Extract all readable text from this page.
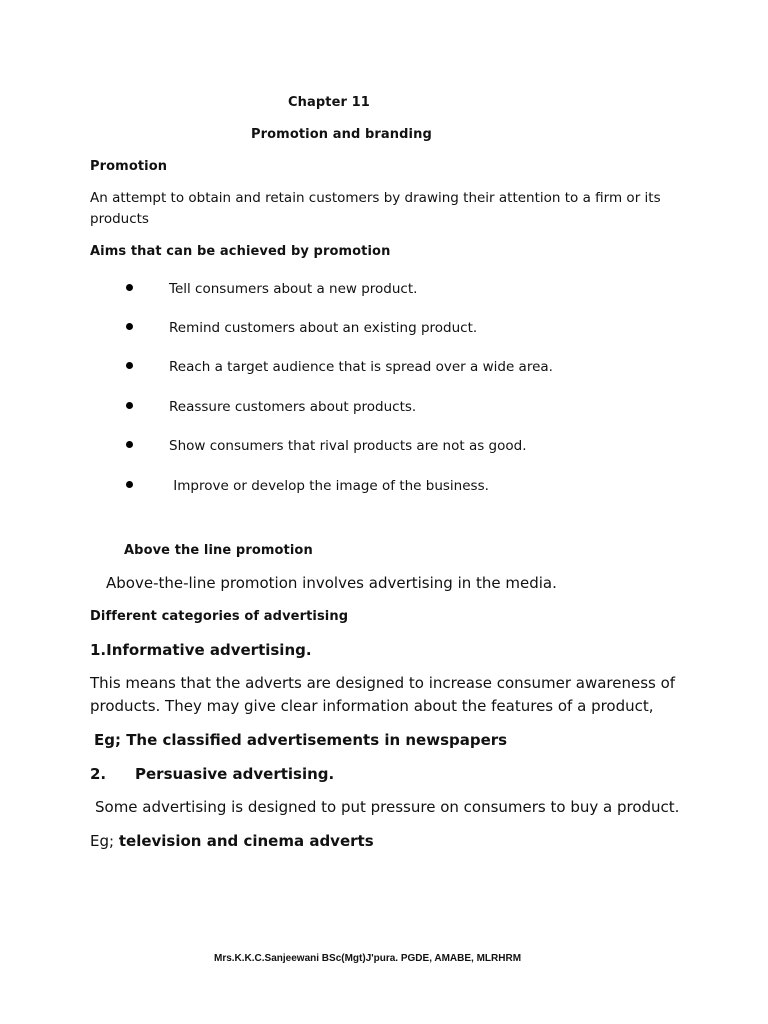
Chapter 11
Promotion and branding
Promotion
An attempt to obtain and retain customers by drawing their attention to a firm or its
products
Aims that can be achieved by promotion
Tell consumers about a new product.
Remind customers about an existing product.
Reach a target audience that is spread over a wide area.
Reassure customers about products.
Show consumers that rival products are not as good.
Improve or develop the image of the business.
Above the line promotion
Above-the-line promotion involves advertising in the media.
Different categories of advertising
1.Informative advertising.
This means that the adverts are designed to increase consumer awareness of
products. They may give clear information about the features of a product,
Eg; The classified advertisements in newspapers
2. Persuasive advertising.
Some advertising is designed to put pressure on consumers to buy a product.
Eg; television and cinema adverts
Mrs.K.K.C.Sanjeewani BSc(Mgt)J'pura. PGDE, AMABE, MLRHRM
